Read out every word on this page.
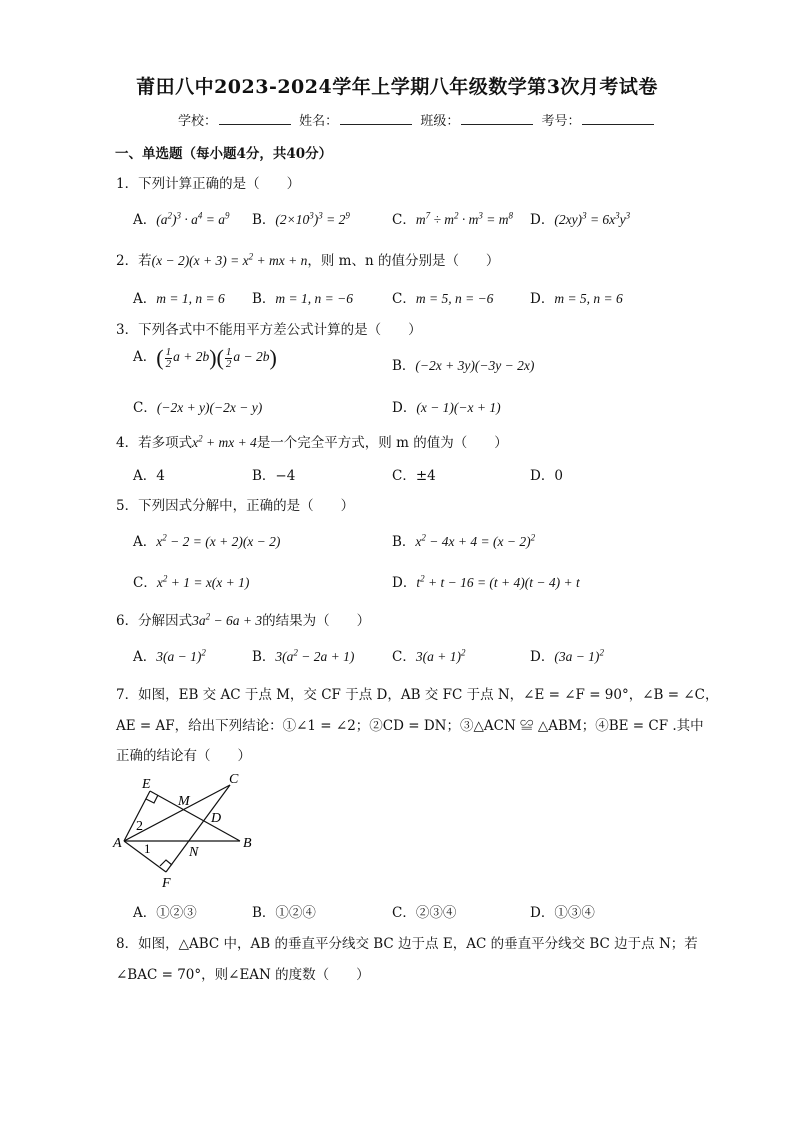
莆田八中2023-2024学年上学期八年级数学第3次月考试卷
学校：	姓名：	班级：	考号：
一、单选题（每小题4分，共40分）
1．下列计算正确的是（　　）
A．$(a^2)^3 \cdot a^4 = a^9$ B．$(2\times 10^3)^3 = 2^9$	C．$m^7 \div m^2 \cdot m^3 = m^8$ D．$(2xy)^3 = 6x^3y^3$
2．若$(x - 2)(x + 3) = x^2$ + mx + n，则 m、n 的值分别是（　　）
A．m = 1, n = 6 B．m = 1, n = −6	C．m = 5, n = −6	D．m = 5, n = 6
3．下列各式中不能用平方差公式计算的是（　　）
A．( $\frac{1}{2}$ $a + 2b)( \frac{1}{2}$ a − 2b)	B．(−2x + 3y)(−3y − 2x)
C．(−2x + y)(−2x − y)	D．(x − 1)(−x + 1)
4．若多项式$x^2$ + mx + 4是一个完全平方式，则 m 的值为（　　）
A．4	B．−4	C．±4	D．0
5．下列因式分解中，正确的是（　　）
A．$x^2 - 2 = (x + 2)(x - 2)$	B．$x^2 - 4x + 4 = (x - 2)^2$
C．$x^2 + 1 = x(x + 1)$	D．$t^2 + t - 16 = (t + 4)(t - 4) + t$
6．分解因式$3a^2 - 6a + 3$的结果为（　　）
A．$3(a - 1)^2$	B．$3(a^2 - 2a + 1)$	C．$3(a + 1)^2$	D．$(3a - 1)^2$
7．如图，EB 交 AC 于点 M，交 CF 于点 D，AB 交 FC 于点 N，∠E = ∠F = 90°，∠B = ∠C，
AE = AF，给出下列结论：①∠1 = ∠2；②CD = DN；③△ACN ≌ △ABM；④BE = CF .其中
正确的结论有（　　）
E	C
M
D
A	B
N
F
2
1
A．①②③	B．①②④	C．②③④	D．①③④
8．如图，△ABC 中，AB 的垂直平分线交 BC 边于点 E，AC 的垂直平分线交 BC 边于点 N；若
∠BAC = 70°，则∠EAN 的度数（　　）
